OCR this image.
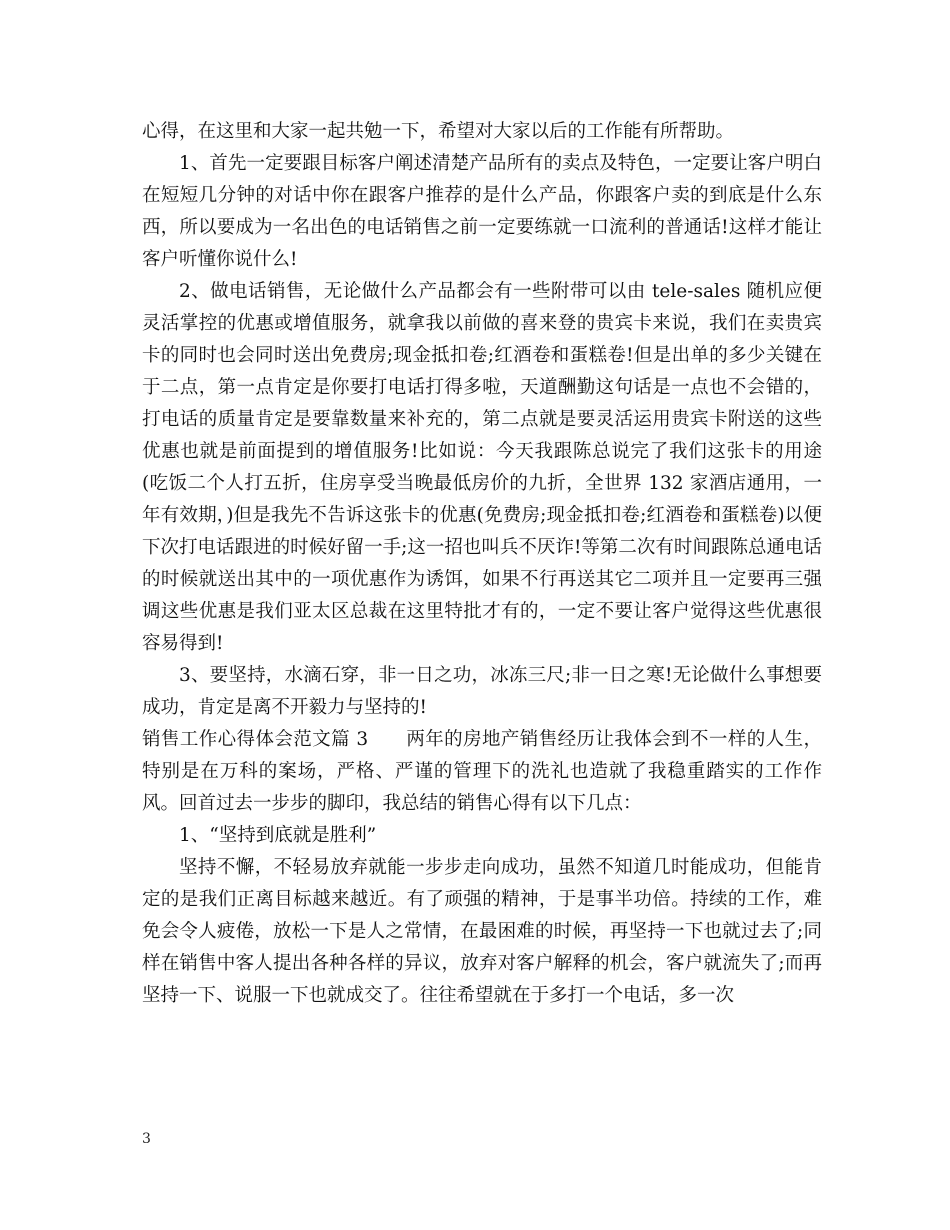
心得，在这里和大家一起共勉一下，希望对大家以后的工作能有所帮助。

1、首先一定要跟目标客户阐述清楚产品所有的卖点及特色，一定要让客户明白在短短几分钟的对话中你在跟客户推荐的是什么产品，你跟客户卖的到底是什么东西，所以要成为一名出色的电话销售之前一定要练就一口流利的普通话!这样才能让客户听懂你说什么!

2、做电话销售，无论做什么产品都会有一些附带可以由 tele-sales 随机应便灵活掌控的优惠或增值服务，就拿我以前做的喜来登的贵宾卡来说，我们在卖贵宾卡的同时也会同时送出免费房;现金抵扣卷;红酒卷和蛋糕卷!但是出单的多少关键在于二点，第一点肯定是你要打电话打得多啦，天道酬勤这句话是一点也不会错的，打电话的质量肯定是要靠数量来补充的，第二点就是要灵活运用贵宾卡附送的这些优惠也就是前面提到的增值服务!比如说：今天我跟陈总说完了我们这张卡的用途(吃饭二个人打五折，住房享受当晚最低房价的九折，全世界 132 家酒店通用，一年有效期，)但是我先不告诉这张卡的优惠(免费房;现金抵扣卷;红酒卷和蛋糕卷)以便下次打电话跟进的时候好留一手;这一招也叫兵不厌诈!等第二次有时间跟陈总通电话的时候就送出其中的一项优惠作为诱饵，如果不行再送其它二项并且一定要再三强调这些优惠是我们亚太区总裁在这里特批才有的，一定不要让客户觉得这些优惠很容易得到!

3、要坚持，水滴石穿，非一日之功，冰冻三尺;非一日之寒!无论做什么事想要成功，肯定是离不开毅力与坚持的!

销售工作心得体会范文篇 3　　两年的房地产销售经历让我体会到不一样的人生，特别是在万科的案场，严格、严谨的管理下的洗礼也造就了我稳重踏实的工作作风。回首过去一步步的脚印，我总结的销售心得有以下几点：

1、“坚持到底就是胜利”

坚持不懈，不轻易放弃就能一步步走向成功，虽然不知道几时能成功，但能肯定的是我们正离目标越来越近。有了顽强的精神，于是事半功倍。持续的工作，难免会令人疲倦，放松一下是人之常情，在最困难的时候，再坚持一下也就过去了;同样在销售中客人提出各种各样的异议，放弃对客户解释的机会，客户就流失了;而再坚持一下、说服一下也就成交了。往往希望就在于多打一个电话，多一次

3
